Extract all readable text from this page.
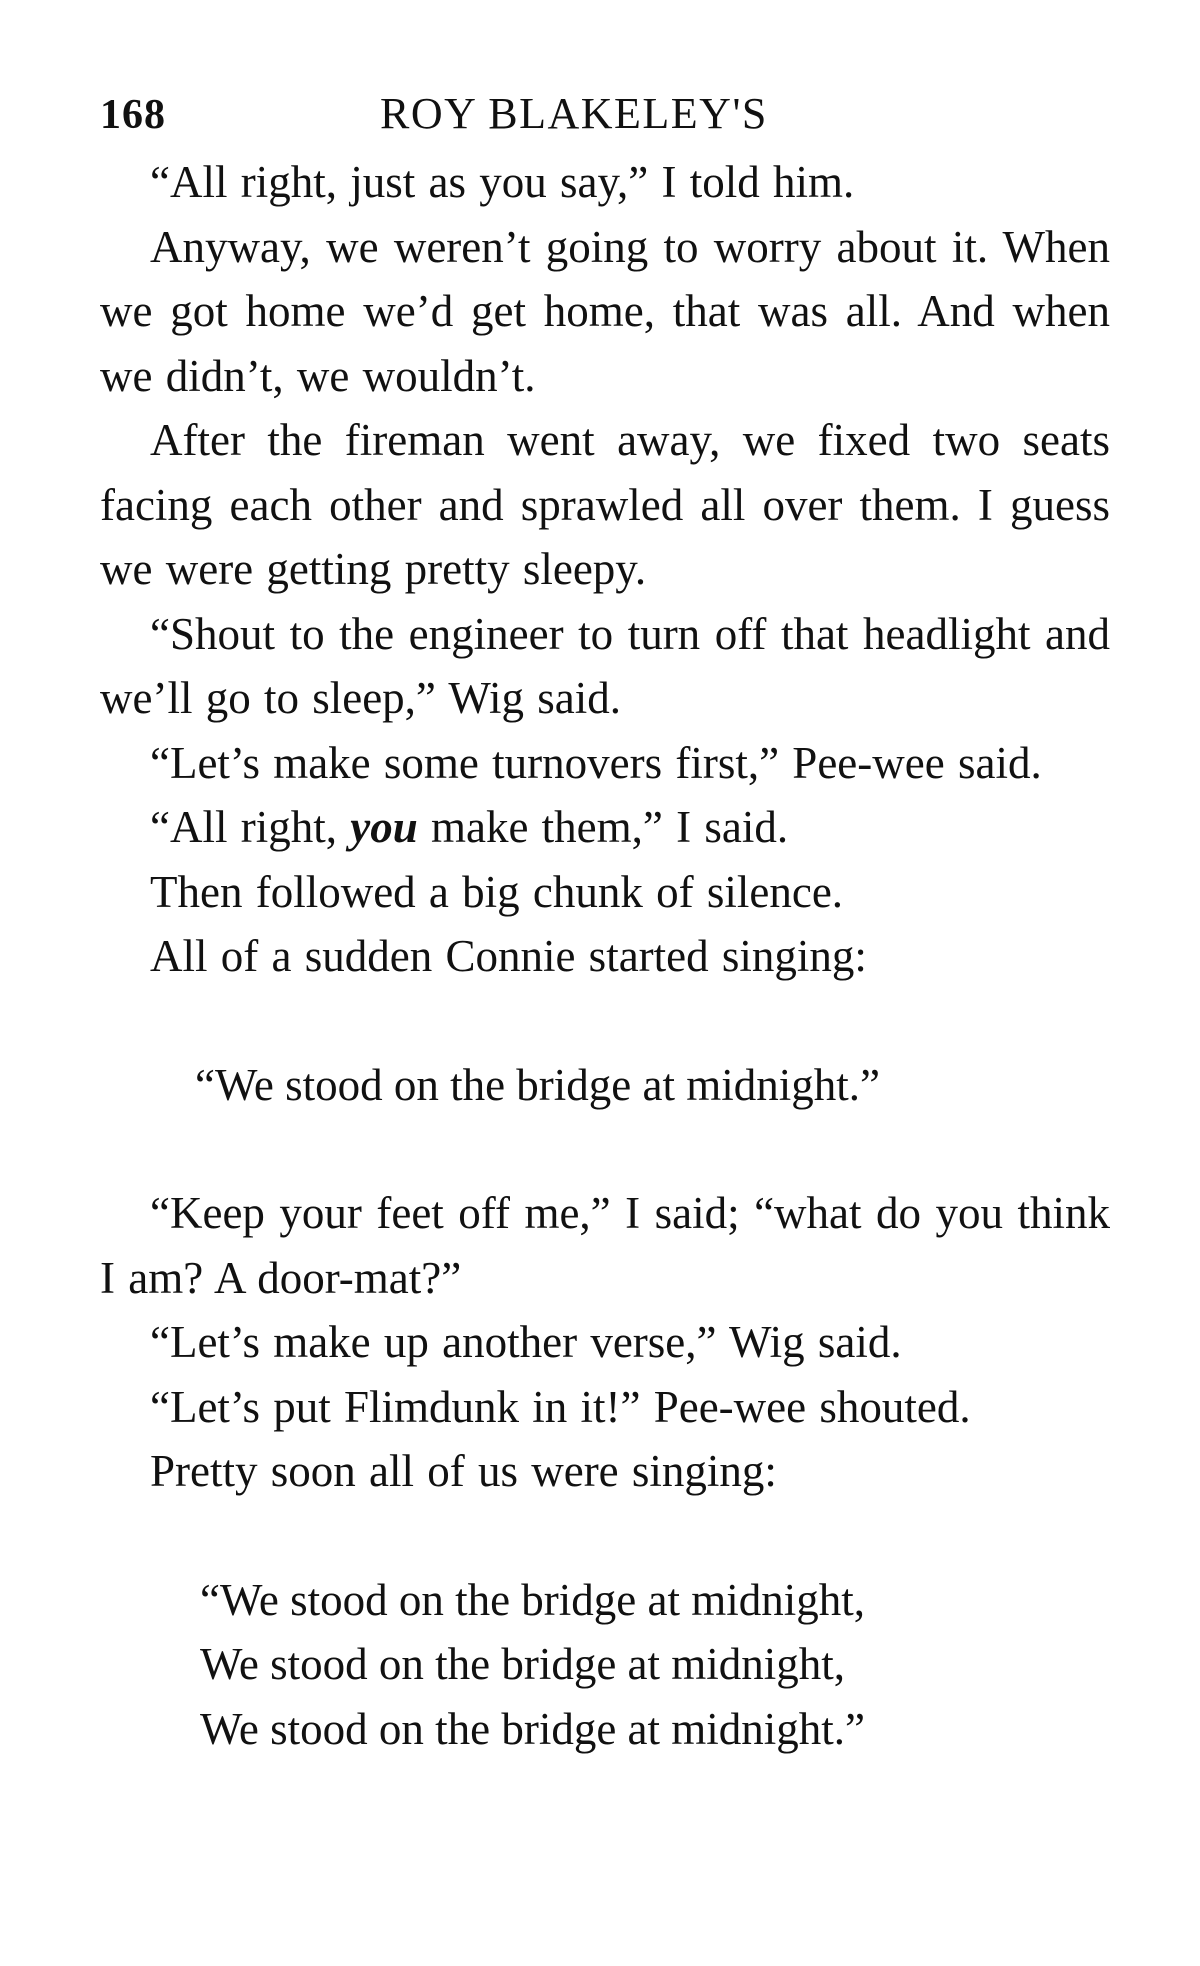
168	ROY BLAKELEY'S

“All right, just as you say,” I told him.

Anyway, we weren’t going to worry about it. When we got home we’d get home, that was all. And when we didn’t, we wouldn’t.

After the fireman went away, we fixed two seats facing each other and sprawled all over them. I guess we were getting pretty sleepy.

“Shout to the engineer to turn off that headlight and we’ll go to sleep,” Wig said.

“Let’s make some turnovers first,” Pee-wee said.

“All right, you make them,” I said.

Then followed a big chunk of silence.

All of a sudden Connie started singing:

“We stood on the bridge at midnight.”

“Keep your feet off me,” I said; “what do you think I am? A door-mat?”

“Let’s make up another verse,” Wig said.

“Let’s put Flimdunk in it!” Pee-wee shouted.

Pretty soon all of us were singing:

“We stood on the bridge at midnight,
We stood on the bridge at midnight,
We stood on the bridge at midnight.”
